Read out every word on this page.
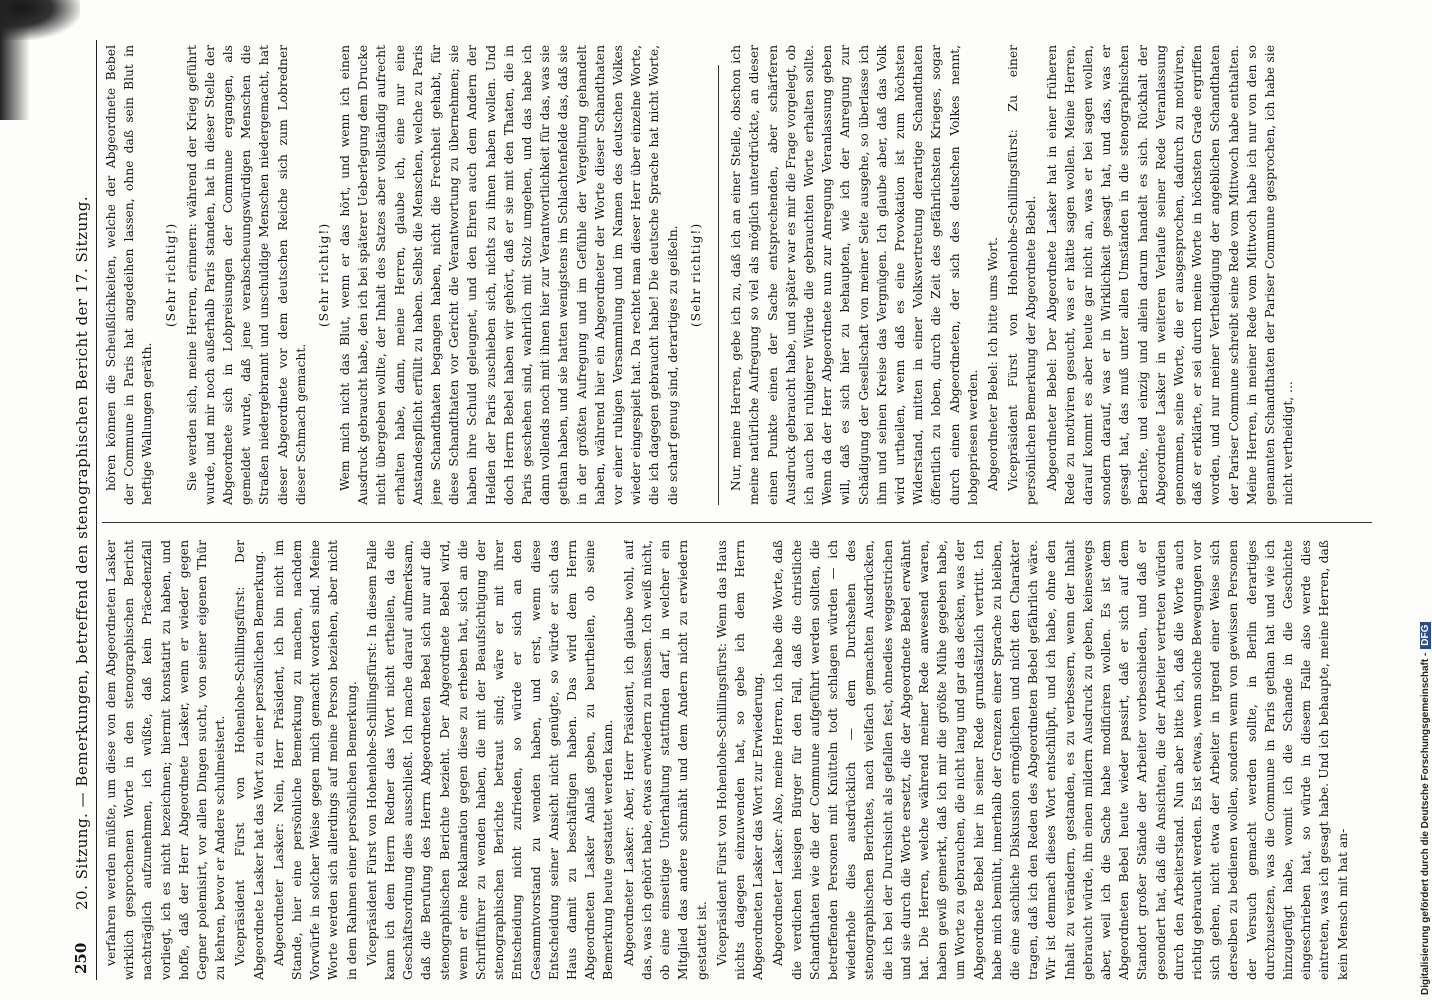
250
20. Sitzung. — Bemerkungen, betreffend den stenographischen Bericht der 17. Sitzung. verfahren werden müßte, um diese von dem Abgeordneten Lasker wirklich gesprochenen Worte in den stenographischen Bericht nachträglich aufzunehmen, ich wüßte, daß kein Präcedenzfall vorliegt, ich es nicht bezeichnen; hiermit konstatirt zu haben, und hoffe, daß der Herr Abgeordnete Lasker, wenn er wieder gegen Gegner polemisirt, vor allen Dingen sucht, von seiner eigenen Thür zu kehren, bevor er Andere schulmeistert. Vicepräsident Fürst von Hohenlohe-Schillingsfürst: Der Abgeordnete Lasker hat das Wort zu einer persönlichen Bemerkung. Abgeordneter Lasker: Nein, Herr Präsident, ich bin nicht im Stande, hier eine persönliche Bemerkung zu machen, nachdem Vorwürfe in solcher Weise gegen mich gemacht worden sind. Meine Worte werden sich allerdings auf meine Person beziehen, aber nicht in dem Rahmen einer persönlichen Bemerkung. Vicepräsident Fürst von Hohenlohe-Schillingsfürst: In diesem Falle kann ich dem Herrn Redner das Wort nicht ertheilen, da die Geschäftsordnung dies ausschließt. Ich mache darauf aufmerksam, daß die Berufung des Herrn Abgeordneten Bebel sich nur auf die stenographischen Berichte bezieht. Der Abgeordnete Bebel wird, wenn er eine Reklamation gegen diese zu erheben hat, sich an die Schriftführer zu wenden haben, die mit der Beaufsichtigung der stenographischen Berichte betraut sind; wäre er mit ihrer Entscheidung nicht zufrieden, so würde er sich an den Gesammtvorstand zu wenden haben, und erst, wenn diese Entscheidung seiner Ansicht nicht genügte, so würde er sich das Haus damit zu beschäftigen haben. Das wird dem Herrn Abgeordneten Lasker Anlaß geben, zu beurtheilen, ob seine Bemerkung heute gestattet werden kann. Abgeordneter Lasker: Aber, Herr Präsident, ich glaube wohl, auf das, was ich gehört habe, etwas erwiedern zu müssen. Ich weiß nicht, ob eine einseitige Unterhaltung stattfinden darf, in welcher ein Mitglied das andere schmäht und dem Andern nicht zu erwiedern gestattet ist. Vicepräsident Fürst von Hohenlohe-Schillingsfürst: Wenn das Haus nichts dagegen einzuwenden hat, so gebe ich dem Herrn Abgeordneten Lasker das Wort zur Erwiederung. Abgeordneter Lasker: Also, meine Herren, ich habe die Worte, daß die verdichen hiesigen Bürger für den Fall, daß die christliche Schandthaten wie die der Commune aufgeführt werden sollten, die betreffenden Personen mit Knütteln todt schlagen würden — ich wiederhole dies ausdrücklich — dem Durchsehen des stenographischen Berichtes, nach vielfach gemachten Ausdrücken, die ich bei der Durchsicht als gefallen fest, ohnedies weggestrichen und sie durch die Worte ersetzt, die der Abgeordnete Bebel erwähnt hat. Die Herren, welche während meiner Rede anwesend waren, haben gewiß gemerkt, daß ich mir die größte Mühe gegeben habe, um Worte zu gebrauchen, die nicht lang und gar das decken, was der Abgeordnete Bebel hier in seiner Rede grundsätzlich vertritt. Ich habe mich bemüht, innerhalb der Grenzen einer Sprache zu bleiben, die eine sachliche Diskussion ermöglichen und nicht den Charakter tragen, daß ich den Reden des Abgeordneten Bebel gefährlich wäre. Wir ist demnach dieses Wort entschlüpft, und ich habe, ohne den Inhalt zu verändern, gestanden, es zu verbessern, wenn der Inhalt gebraucht würde, ihn einen mildern Ausdruck zu geben, keineswegs aber, weil ich die Sache habe modificiren wollen. Es ist dem Abgeordneten Bebel heute wieder passirt, daß er sich auf dem Standort großer Stände der Arbeiter vorbeschieden, und daß er gesondert hat, daß die Ansichten, die der Arbeiter vertreten würden durch den Arbeiterstand. Nun aber bitte ich, daß die Worte auch richtig gebraucht werden. Es ist etwas, wenn solche Bewegungen vor sich gehen, nicht etwa der Arbeiter in irgend einer Weise sich derselben zu bedienen wollen, sondern wenn von gewissen Personen der Versuch gemacht werden sollte, in Berlin derartiges durchzusetzen, was die Commune in Paris gethan hat und wie ich hinzugefügt habe, womit ich die Schande in die Geschichte eingeschrieben hat, so würde in diesem Falle also werde dies eintreten, was ich gesagt habe. Und ich behaupte, meine Herren, daß kein Mensch mit hat an-

hören können die Scheußlichkeiten, welche der Abgeordnete Bebel der Commune in Paris hat angedeihen lassen, ohne daß sein Blut in heftige Wallungen geräth.

(Sehr richtig!) Sie werden sich, meine Herren, erinnern: während der Krieg geführt wurde, und mir noch außerhalb Paris standen, hat in dieser Stelle der Abgeordnete sich in Lobpreisungen der Commune ergangen, als gemeldet wurde, daß jene verabscheuungswürdigen Menschen die Straßen niedergebrannt und unschuldige Menschen niedergemacht, hat dieser Abgeordnete vor dem deutschen Reiche sich zum Lobredner dieser Schmach gemacht.

(Sehr richtig!) Wem mich nicht das Blut, wenn er das hört, und wenn ich einen Ausdruck gebraucht habe, den ich bei späterer Ueberlegung dem Drucke nicht übergeben wollte, der Inhalt des Satzes aber vollständig aufrecht erhalten habe, dann, meine Herren, glaube ich, eine nur eine Anstandespflicht erfüllt zu haben. Selbst die Menschen, welche zu Paris jene Schandthaten begangen haben, nicht die Frechheit gehabt, für diese Schandthaten vor Gericht die Verantwortung zu übernehmen; sie haben ihre Schuld geleugnet, und den Ehren auch dem Andern der Helden der Paris zuschieben sich, nichts zu ihnen haben wollen. Und doch Herrn Bebel haben wir gehört, daß er sie mit den Thaten, die in Paris geschehen sind, wahrlich mit Stolz umgehen, und das habe ich dann vollends noch mit ihnen hier zur Verantwortlichkeit für das, was sie gethan haben, und sie hatten wenigstens im Schlachtenfelde das, daß sie in der größten Aufregung und im Gefühle der Vergeltung gehandelt haben, während hier ein Abgeordneter der Worte dieser Schandthaten vor einer ruhigen Versammlung und im Namen des deutschen Volkes wieder eingespielt hat. Da rechtet man dieser Herr über einzelne Worte, die ich dagegen gebraucht habe! Die deutsche Sprache hat nicht Worte, die scharf genug sind, derartiges zu geißeln. (Sehr richtig!)	Nur, meine Herren, gebe ich zu, daß ich an einer Stelle, obschon ich meine natürliche Aufregung so viel als möglich unterdrückte, an dieser einen Punkte einen der Sache entsprechenden, aber schärferen Ausdruck gebraucht habe, und später war es mir die Frage vorgelegt, ob ich auch bei ruhigerer Würde die gebrauchten Worte erhalten sollte. Wenn da der Herr Abgeordnete nun zur Anregung Veranlassung geben will, daß es sich hier zu behaupten, wie ich der Anregung zur Schädigung der Gesellschaft von meiner Seite ausgehe, so überlasse ich ihm und seinen Kreise das Vergnügen. Ich glaube aber, daß das Volk wird urtheilen, wenn daß es eine Provokation ist zum höchsten Widerstand, mitten in einer Volksvertretung derartige Schandthaten öffentlich zu loben, durch die Zeit des gefährlichsten Krieges, sogar durch einen Abgeordneten, der sich des deutschen Volkes nennt, lobgepriesen werden. Abgeordneter Bebel: Ich bitte ums Wort. Vicepräsident Fürst von Hohenlohe-Schillingsfürst: Zu einer persönlichen Bemerkung der Abgeordnete Bebel. Abgeordneter Bebel: Der Abgeordnete Lasker hat in einer früheren Rede zu motiviren gesucht, was er hätte sagen wollen. Meine Herren, darauf kommt es aber heute gar nicht an, was er bei sagen wollen, sondern darauf, was er in Wirklichkeit gesagt hat, und das, was er gesagt hat, das muß unter allen Umständen in die stenographischen Berichte, und einzig und allein darum handelt es sich. Rückhalt der Abgeordnete Lasker in weiteren Verlaufe seiner Rede Veranlassung genommen, seine Worte, die er ausgesprochen, dadurch zu motiviren, daß er erklärte, er sei durch meine Worte in höchsten Grade ergriffen worden, und nur meiner Vertheidigung der angeblichen Schandthaten der Pariser Commune schreibt seine Rede vom Mittwoch habe enthalten. Meine Herren, in meiner Rede vom Mittwoch habe ich nur von den so genannten Schandthaten der Pariser Commune gesprochen, ich habe sie nicht vertheidigt, ...

Digitalisierung gefördert durch die Deutsche Forschungsgemeinschaft -DFG
